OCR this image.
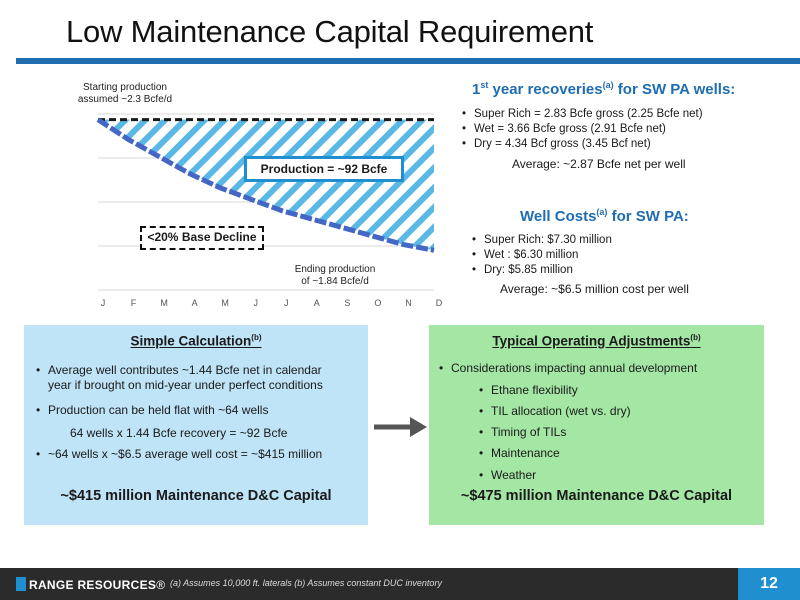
Low Maintenance Capital Requirement
J	F	M	A	M	J	J	A	S	O	N	D
Starting production
assumed ~2.3 Bcfe/d
Ending production
of ~1.84 Bcfe/d
Production = ~92 Bcfe
<20% Base Decline
1st year recoveries$^{(a)}$ for SW PA wells:
• Super Rich = 2.83 Bcfe gross (2.25 Bcfe net)
• Wet = 3.66 Bcfe gross (2.91 Bcfe net)
• Dry = 4.34 Bcf gross (3.45 Bcf net)
Average: ~2.87 Bcfe net per well
Well Costs$^{(a)}$ for SW PA:
• Super Rich: $7.30 million
• Wet : $6.30 million
• Dry: $5.85 million
Average: ~$6.5 million cost per well
Simple Calculation$^{(b)}$
• Average well contributes ~1.44 Bcfe net in calendar
year if brought on mid-year under perfect conditions
• Production can be held flat with ~64 wells
64 wells x 1.44 Bcfe recovery = ~92 Bcfe
• ~64 wells x ~$6.5 average well cost = ~$415 million
~$415 million Maintenance D&C Capital
Typical Operating Adjustments$^{(b)}$
• Considerations impacting annual development
• Ethane flexibility
• TIL allocation (wet vs. dry)
• Timing of TILs
• Maintenance
• Weather
~$475 million Maintenance D&C Capital
RANGE RESOURCES® (a) Assumes 10,000 ft. laterals (b) Assumes constant DUC inventory	12
